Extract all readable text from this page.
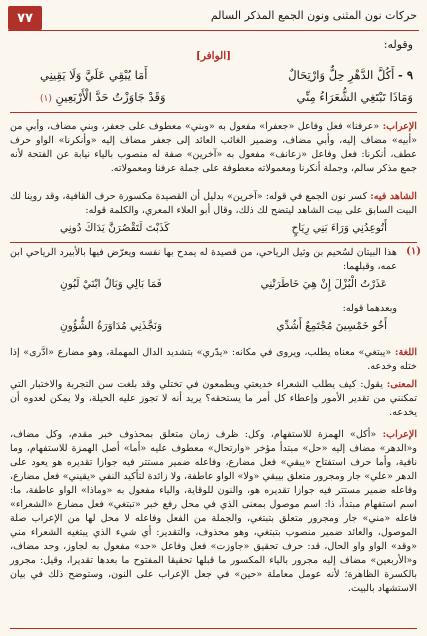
٧٧	حركات نون المثنى ونون الجمع المذكر السالم
وقوله:
[الوافر]
٩ - أَكُلَّ الدَّهْرِ حِلٌّ وَارْتِحَالٌ
أَمَا يُبْقِي عَلَيَّ وَلَا يَقِينِي
وَمَاذَا تَبْتَغِي الشُّعَرَاءُ مِنِّي
وَقَدْ جَاوَزْتُ حَدَّ الْأَرْبَعِينِ (١)
الإعراب: «عرفنا» فعل وفاعل «جعفرا» مفعول به «وبني» معطوف على جعفر، وبني مضاف، وأبي من «أبيه» مضاف إليه، وأبي مضاف، وضمير الغائب العائد إلى جعفر مضاف إليه «وأنكرنا» الواو حرف عطف، أنكرنا: فعل وفاعل «زعانف» مفعول به «آخرين» صفة له منصوب بالياء نيابة عن الفتحة لأنه جمع مذكر سالم، وجملة أنكرنا ومعمولاته معطوفة على جملة عرفنا ومعمولاته.
الشاهد فيه: كسر نون الجمع في قوله: «آخرين» بدليل أن القصيدة مكسورة حرف القافية، وقد روينا لك البيت السابق على بيت الشاهد ليتضح لك ذلك، وقال أبو العلاء المعري، والكلمة قوله:
أَتُوعِدُنِي وَرَاءَ بَنِي رِيَاحٍ
كَذَبْتَ لَتَقْصُرَنَّ يَدَاكَ دُونِي
(١)
هذا البيتان لسُحيم بن وثيل الرياحي، من قصيدة له يمدح بها نفسه ويعرّض فيها بالأبيرد الرياحي ابن عمه، وقبلهما:
عَذَرْتُ الْبُزْلَ إِنْ هِيَ خَاطَرَتْنِي
فَمَا بَالِي وَبَالُ ابْنَيْ لَبُونِ
وبعدهما قوله:
أَخُو خَمْسِينَ مُجْتَمِعٌ أَشُدِّي
وَنَجَّذَنِي مُدَاوَرَةُ الشُّؤُونِ
اللغة: «يبتغي» معناه يطلب، ويروى في مكانه: «يدّري» بتشديد الدال المهملة، وهو مضارع «ادَّرى» إذا ختله وخدعه.
المعنى: يقول: كيف يطلب الشعراء خديعتي ويطمعون في تختلي وقد بلغت سن التجربة والاختبار التي تمكنني من تقدير الأمور وإعطاء كل أمر ما يستحقه؟ يريد أنه لا تجوز عليه الحيلة، ولا يمكن لعدوه أن يخدعه.
الإعراب: «أكل» الهمزة للاستفهام، وكل: ظرف زمان متعلق بمحذوف خبر مقدم، وكل مضاف، و«الدهر» مضاف إليه «حل» مبتدأ مؤخر «وارتحال» معطوف عليه «أما» أصل الهمزة للاستفهام، وما نافية، وأما حرف استفتاح «يبقي» فعل مضارع، وفاعله ضمير مستتر فيه جوازا تقديره هو يعود على الدهر «علي» جار ومجرور متعلق بيبقي «ولا» الواو عاطفة، ولا زائدة لتأكيد النفي «يقيني» فعل مضارع، وفاعله ضمير مستتر فيه جوازا تقديره هو، والنون للوقاية، والياء مفعول به «وماذا» الواو عاطفة، ما: اسم استفهام مبتدأ، ذا: اسم موصول بمعنى الذي في محل رفع خبر «تبتغي» فعل مضارع «الشعراء» فاعله «مني» جار ومجرور متعلق بتبتغي، والجملة من الفعل وفاعله لا محل لها من الإعراب صلة الموصول، والعائد ضمير منصوب بتبتغي، وهو محذوف، والتقدير: أي شيء الذي يبتغيه الشعراء مني «وقد» الواو واو الحال، قد: حرف تحقيق «جاوزت» فعل وفاعل «حد» مفعول به لجاوز، وحد مضاف، و«الأربعين» مضاف إليه مجرور بالياء المكسور ما قبلها تحقيقا المفتوح ما بعدها تقديرا، وقيل: مجرور بالكسرة الظاهرة؛ لأنه عومل معاملة «حين» في جعل الإعراب على النون، وستوضح ذلك في بيان الاستشهاد بالبيت.
